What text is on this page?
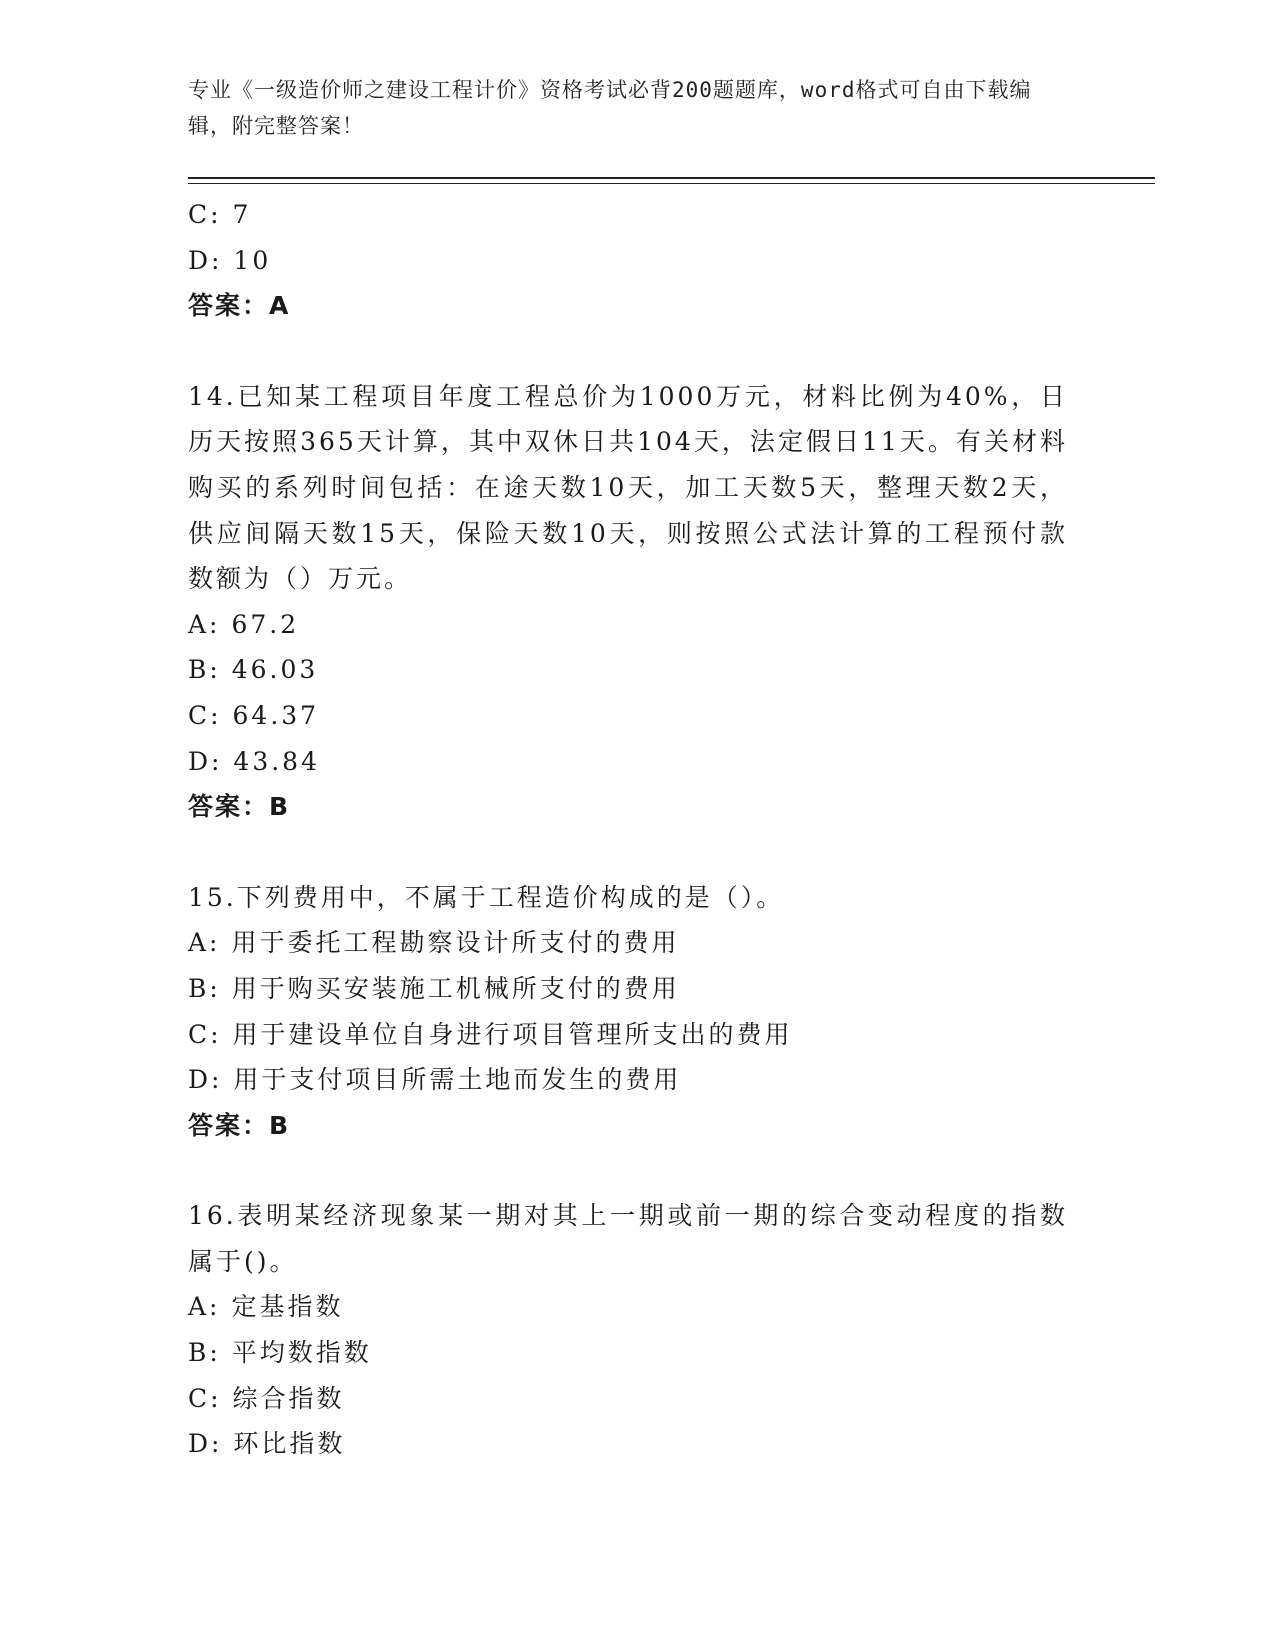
专业《一级造价师之建设工程计价》资格考试必背200题题库，word格式可自由下载编辑，附完整答案！
C: 7
D: 10
答案：A
14.已知某工程项目年度工程总价为1000万元，材料比例为40%，日历天按照365天计算，其中双休日共104天，法定假日11天。有关材料购买的系列时间包括：在途天数10天，加工天数5天，整理天数2天，供应间隔天数15天，保险天数10天，则按照公式法计算的工程预付款数额为（）万元。
A: 67.2
B: 46.03
C: 64.37
D: 43.84
答案：B
15.下列费用中，不属于工程造价构成的是（）。
A: 用于委托工程勘察设计所支付的费用
B: 用于购买安装施工机械所支付的费用
C: 用于建设单位自身进行项目管理所支出的费用
D: 用于支付项目所需土地而发生的费用
答案：B
16.表明某经济现象某一期对其上一期或前一期的综合变动程度的指数属于()。
A: 定基指数
B: 平均数指数
C: 综合指数
D: 环比指数
